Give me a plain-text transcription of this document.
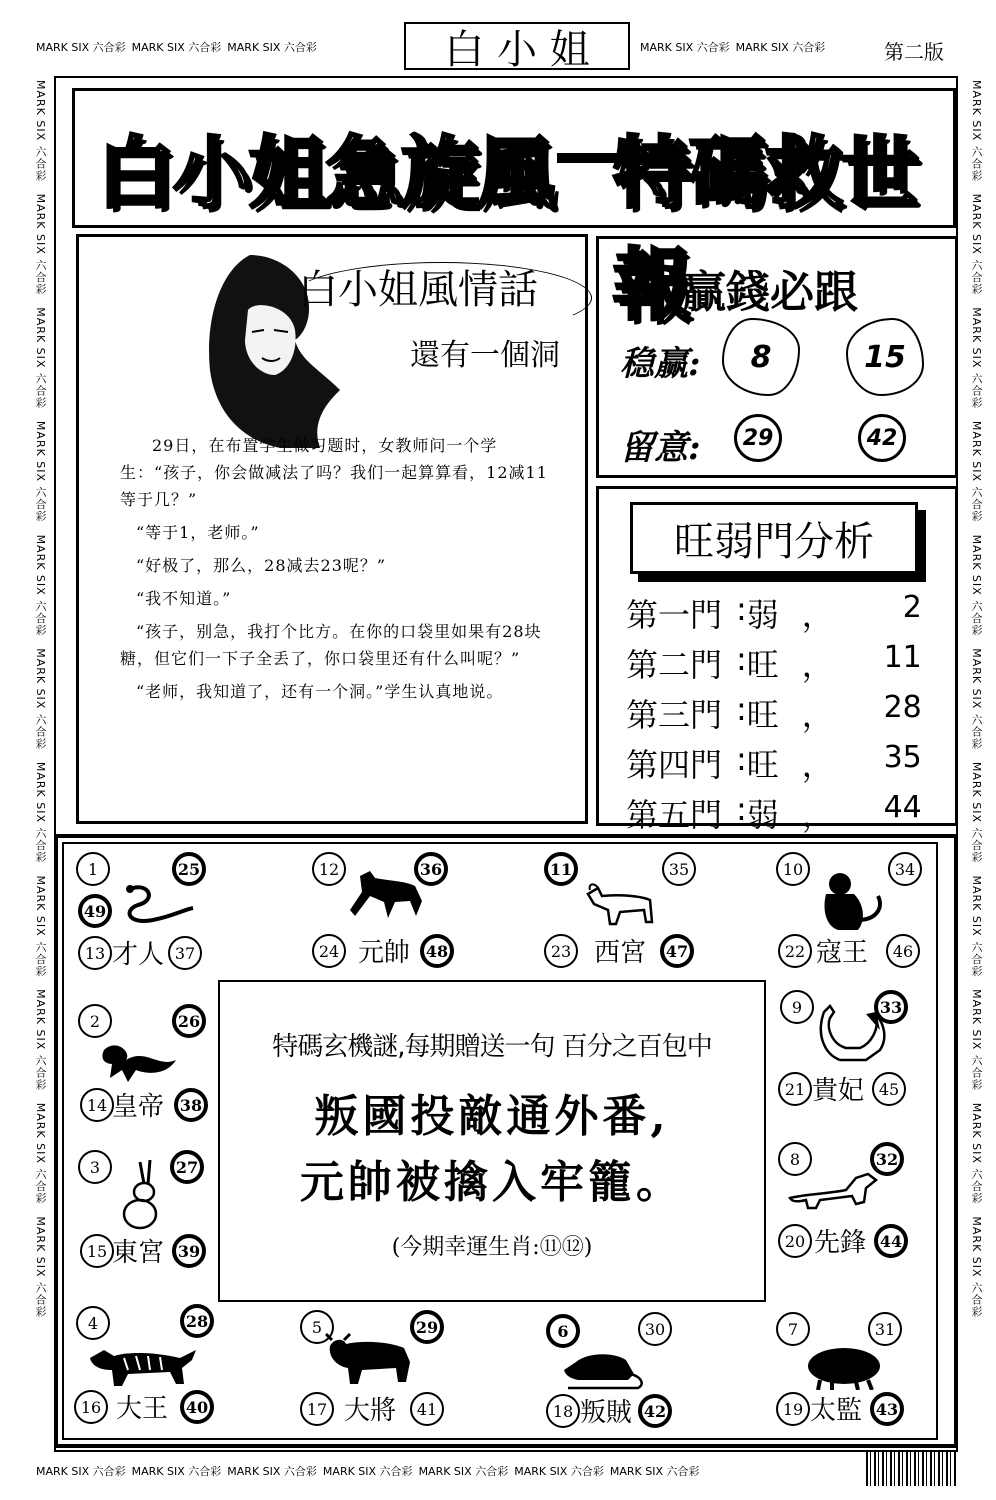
MARK SIX 六合彩 MARK SIX 六合彩 MARK SIX 六合彩	白 小 姐	MARK SIX 六合彩 MARK SIX 六合彩	第二版
MARK SIX 六合彩　MARK SIX 六合彩　MARK SIX 六合彩　MARK SIX 六合彩　MARK SIX 六合彩　MARK SIX 六合彩　MARK SIX 六合彩　MARK SIX 六合彩　MARK SIX 六合彩　MARK SIX 六合彩　MARK SIX 六合彩
MARK SIX 六合彩　MARK SIX 六合彩　MARK SIX 六合彩　MARK SIX 六合彩　MARK SIX 六合彩　MARK SIX 六合彩　MARK SIX 六合彩　MARK SIX 六合彩　MARK SIX 六合彩　MARK SIX 六合彩　MARK SIX 六合彩
MARK SIX 六合彩 MARK SIX 六合彩 MARK SIX 六合彩 MARK SIX 六合彩 MARK SIX 六合彩 MARK SIX 六合彩 MARK SIX 六合彩
白小姐急旋風 特碼救世報
白小姐風情話
還有一個洞

29日，在布置学生做习题时，女教师问一个学生：“孩子，你会做减法了吗？我们一起算算看，12减11等于几？”

“等于1，老师。”

“好极了，那么，28减去23呢？”

“我不知道。”

“孩子，别急，我打个比方。在你的口袋里如果有28块糖，但它们一下子全丢了，你口袋里还有什么叫呢？”

“老师，我知道了，还有一个洞。”学生认真地说。

贏錢必跟
稳赢: 8	15
留意: 29	42
旺弱門分析
第一門 : 弱 ，	2
第二門 : 旺 ，	11
第三門 : 旺 ，	28
第四門 : 旺 ，	35
第五門 : 弱 ，	44
1	25
49
13 才人 37
12	36
24 元帥 48
11	35
23 西宮	47
10	34
22 寇王	46
2	26
14 皇帝 38
9	33
21 貴妃 45
3	27
15 東宮 39
8	32
20 先鋒 44
4	28
16 大王	40
5	29
17 大將	41
6	30
18 叛賊 42
7	31
19 太監 43
特碼玄機謎,每期贈送一句 百分之百包中
叛國投敵通外番,
元帥被擒入牢籠。
(今期幸運生肖:⑪⑫)
